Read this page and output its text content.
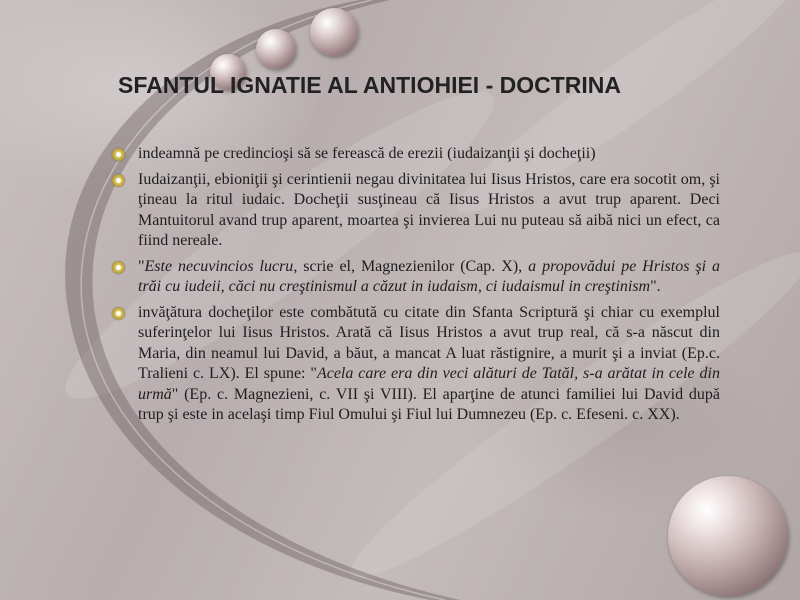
SFANTUL IGNATIE AL ANTIOHIEI - DOCTRINA

indeamnă pe credincioşi să se ferească de erezii (iudaizanţii şi docheţii)

Iudaizanţii, ebioniţii şi cerintienii negau divinitatea lui Iisus Hristos, care era socotit om, şi ţineau la ritul iudaic. Docheţii susţineau că Iisus Hristos a avut trup aparent. Deci Mantuitorul avand trup aparent, moartea şi invierea Lui nu puteau să aibă nici un efect, ca fiind nereale.

"Este necuvincios lucru, scrie el, Magnezienilor (Cap. X), a propovădui pe Hristos şi a trăi cu iudeii, căci nu creştinismul a căzut in iudaism, ci iudaismul in creştinism".

invăţătura docheţilor este combătută cu citate din Sfanta Scriptură şi chiar cu exemplul suferinţelor lui Iisus Hristos. Arată că Iisus Hristos a avut trup real, că s-a născut din Maria, din neamul lui David, a băut, a mancat A luat răstignire, a murit şi a inviat (Ep.c. Tralieni c. LX). El spune: "Acela care era din veci alături de Tatăl, s-a arătat in cele din urmă" (Ep. c. Magnezieni, c. VII şi VIII). El aparţine de atunci familiei lui David după trup şi este in acelaşi timp Fiul Omului şi Fiul lui Dumnezeu (Ep. c. Efeseni. c. XX).
